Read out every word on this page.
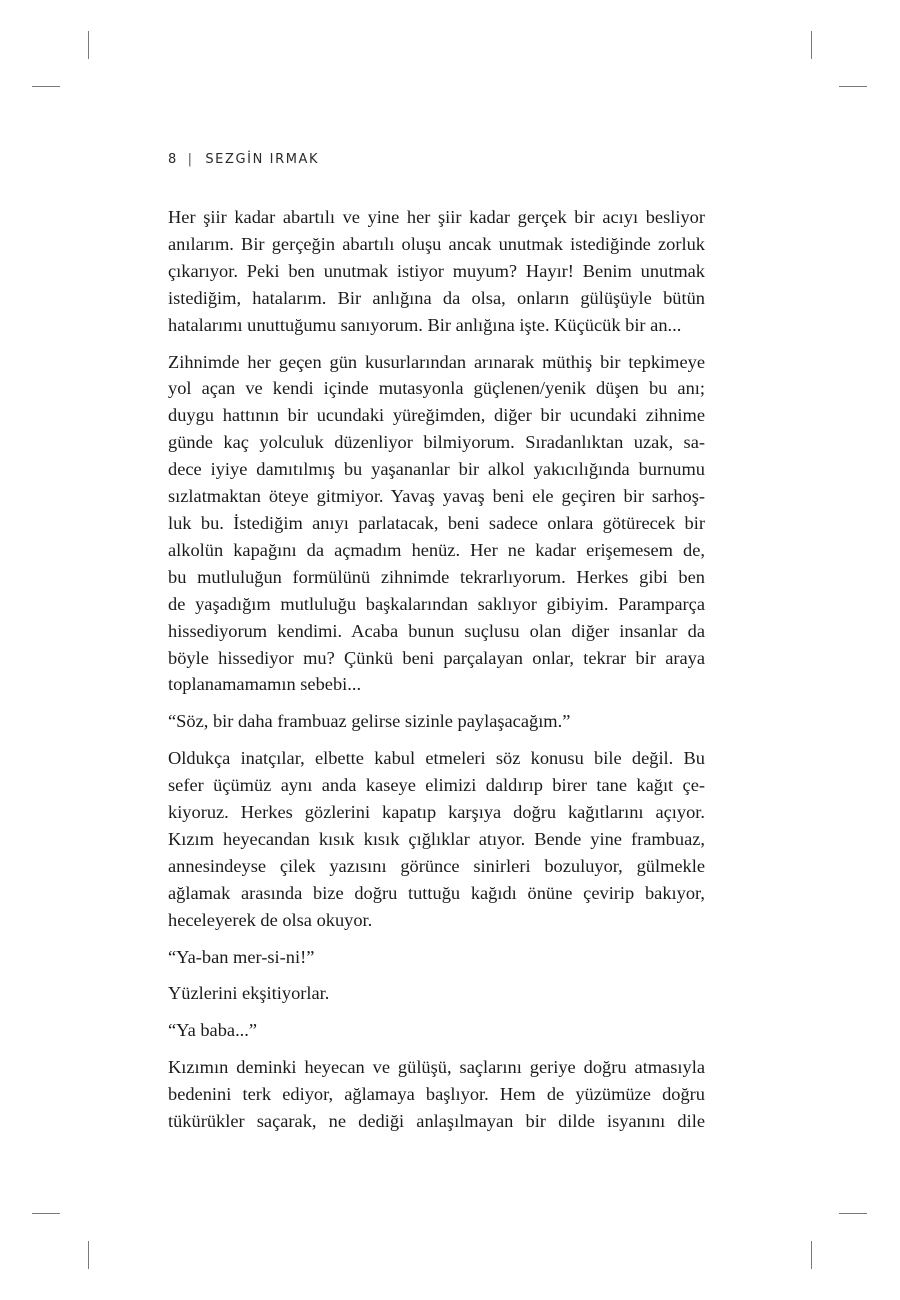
8 | SEZGİN IRMAK

Her şiir kadar abartılı ve yine her şiir kadar gerçek bir acıyı besliyor
anılarım. Bir gerçeğin abartılı oluşu ancak unutmak istediğinde zorluk
çıkarıyor. Peki ben unutmak istiyor muyum? Hayır! Benim unutmak
istediğim, hatalarım. Bir anlığına da olsa, onların gülüşüyle bütün
hatalarımı unuttuğumu sanıyorum. Bir anlığına işte. Küçücük bir an...

Zihnimde her geçen gün kusurlarından arınarak müthiş bir tepkimeye
yol açan ve kendi içinde mutasyonla güçlenen/yenik düşen bu anı;
duygu hattının bir ucundaki yüreğimden, diğer bir ucundaki zihnime
günde kaç yolculuk düzenliyor bilmiyorum. Sıradanlıktan uzak, sa-
dece iyiye damıtılmış bu yaşananlar bir alkol yakıcılığında burnumu
sızlatmaktan öteye gitmiyor. Yavaş yavaş beni ele geçiren bir sarhoş-
luk bu. İstediğim anıyı parlatacak, beni sadece onlara götürecek bir
alkolün kapağını da açmadım henüz. Her ne kadar erişemesem de,
bu mutluluğun formülünü zihnimde tekrarlıyorum. Herkes gibi ben
de yaşadığım mutluluğu başkalarından saklıyor gibiyim. Paramparça
hissediyorum kendimi. Acaba bunun suçlusu olan diğer insanlar da
böyle hissediyor mu? Çünkü beni parçalayan onlar, tekrar bir araya
toplanamamamın sebebi...

“Söz, bir daha frambuaz gelirse sizinle paylaşacağım.”

Oldukça inatçılar, elbette kabul etmeleri söz konusu bile değil. Bu
sefer üçümüz aynı anda kaseye elimizi daldırıp birer tane kağıt çe-
kiyoruz. Herkes gözlerini kapatıp karşıya doğru kağıtlarını açıyor.
Kızım heyecandan kısık kısık çığlıklar atıyor. Bende yine frambuaz,
annesindeyse çilek yazısını görünce sinirleri bozuluyor, gülmekle
ağlamak arasında bize doğru tuttuğu kağıdı önüne çevirip bakıyor,
heceleyerek de olsa okuyor.

“Ya-ban mer-si-ni!”

Yüzlerini ekşitiyorlar.

“Ya baba...”

Kızımın deminki heyecan ve gülüşü, saçlarını geriye doğru atmasıyla
bedenini terk ediyor, ağlamaya başlıyor. Hem de yüzümüze doğru
tükürükler saçarak, ne dediği anlaşılmayan bir dilde isyanını dile
